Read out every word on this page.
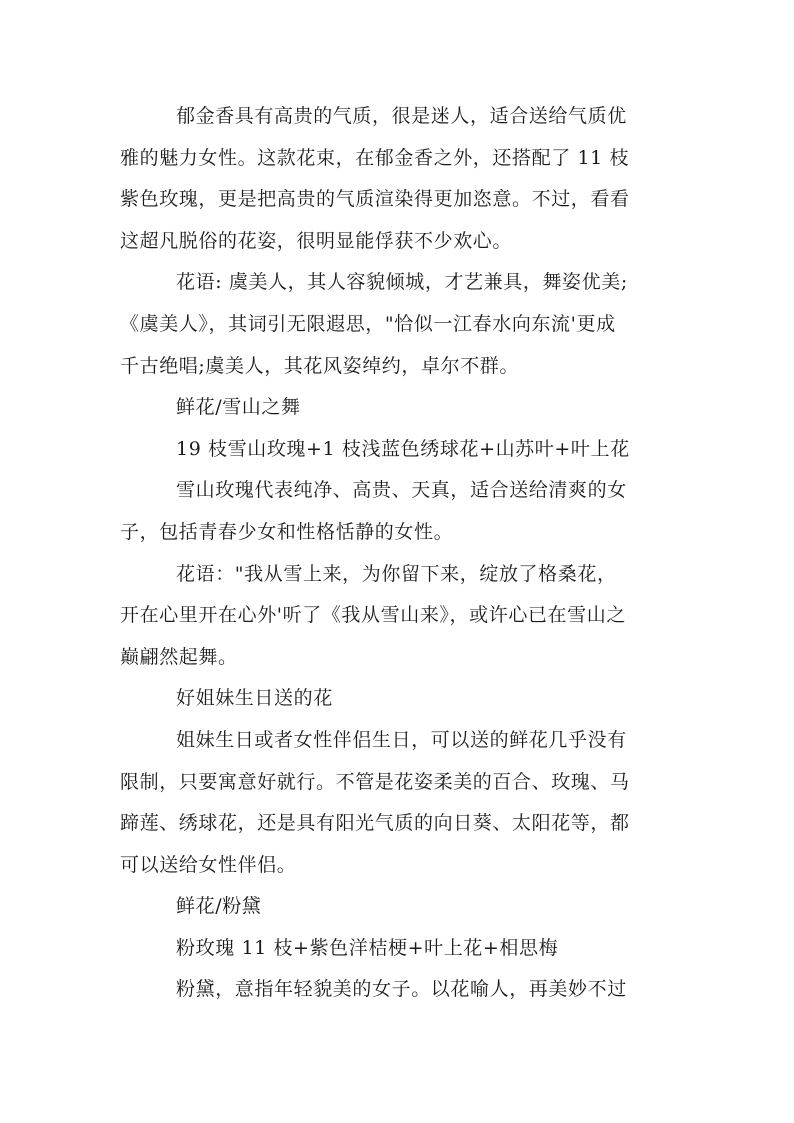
郁金香具有高贵的气质，很是迷人，适合送给气质优
雅的魅力女性。这款花束，在郁金香之外，还搭配了 11 枝
紫色玫瑰，更是把高贵的气质渲染得更加恣意。不过，看看
这超凡脱俗的花姿，很明显能俘获不少欢心。
花语: 虞美人，其人容貌倾城，才艺兼具，舞姿优美;
《虞美人》，其词引无限遐思，"恰似一江春水向东流'更成
千古绝唱;虞美人，其花风姿绰约，卓尔不群。
鲜花/雪山之舞
19 枝雪山玫瑰+1 枝浅蓝色绣球花+山苏叶+叶上花
雪山玫瑰代表纯净、高贵、天真，适合送给清爽的女
子，包括青春少女和性格恬静的女性。
花语："我从雪上来，为你留下来，绽放了格桑花，
开在心里开在心外'听了《我从雪山来》，或许心已在雪山之
巅翩然起舞。
好姐妹生日送的花
姐妹生日或者女性伴侣生日，可以送的鲜花几乎没有
限制，只要寓意好就行。不管是花姿柔美的百合、玫瑰、马
蹄莲、绣球花，还是具有阳光气质的向日葵、太阳花等，都
可以送给女性伴侣。
鲜花/粉黛
粉玫瑰 11 枝+紫色洋桔梗+叶上花+相思梅
粉黛，意指年轻貌美的女子。以花喻人，再美妙不过
